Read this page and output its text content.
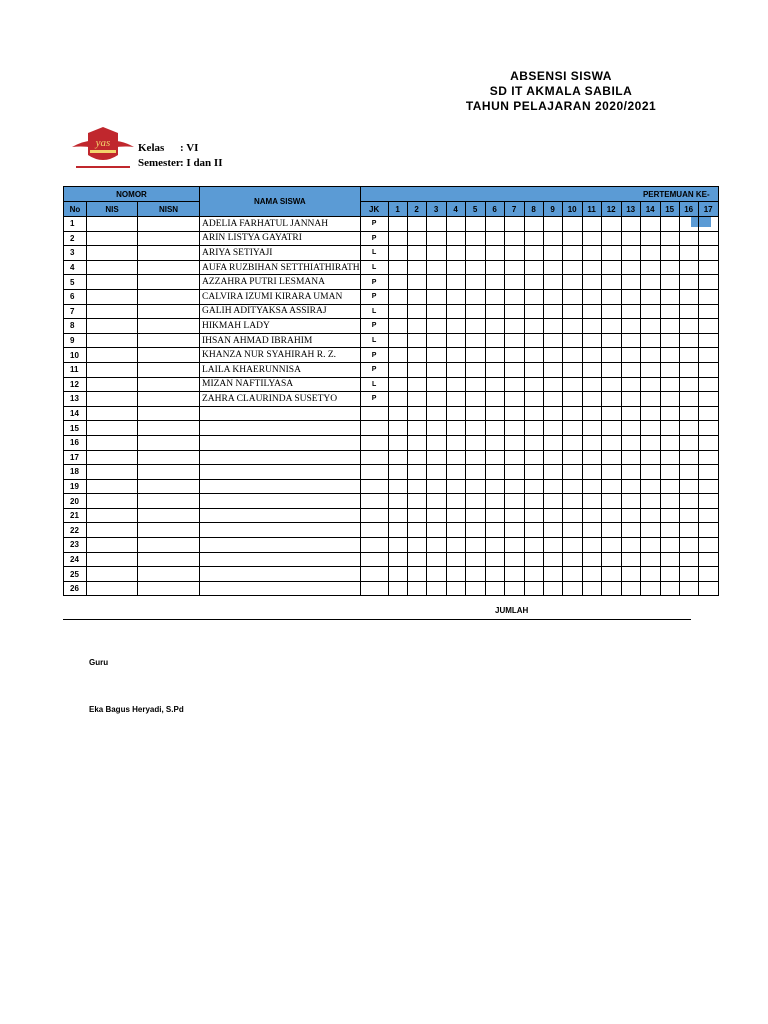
ABSENSI SISWA
SD IT AKMALA SABILA
TAHUN PELAJARAN 2020/2021
yas	Kelas : VI
Semester: I dan II
NOMOR			NAMA SISWA	PERTEMUAN KE-																	
No	NIS	NISN		JK	1	2	3	4	5	6	7	8	9	10	11	12	13	14	15	16	17
1			ADELIA FARHATUL JANNAH	P																	
2			ARIN LISTYA GAYATRI	P																	
3			ARIYA SETIYAJI	L																	
4			AUFA RUZBIHAN SETTHIATHIRATH	L																	
5			AZZAHRA PUTRI LESMANA	P																	
6			CALVIRA IZUMI KIRARA UMAN	P																	
7			GALIH ADITYAKSA ASSIRAJ	L																	
8			HIKMAH LADY	P																	
9			IHSAN AHMAD IBRAHIM	L																	
10			KHANZA NUR SYAHIRAH R. Z.	P																	
11			LAILA KHAERUNNISA	P																	
12			MIZAN NAFTILYASA	L																	
13			ZAHRA CLAURINDA SUSETYO	P																	
14																					
15																					
16																					
17																					
18																					
19																					
20																					
21																					
22																					
23																					
24																					
25																					
26																					
JUMLAH
Guru
Eka Bagus Heryadi, S.Pd
